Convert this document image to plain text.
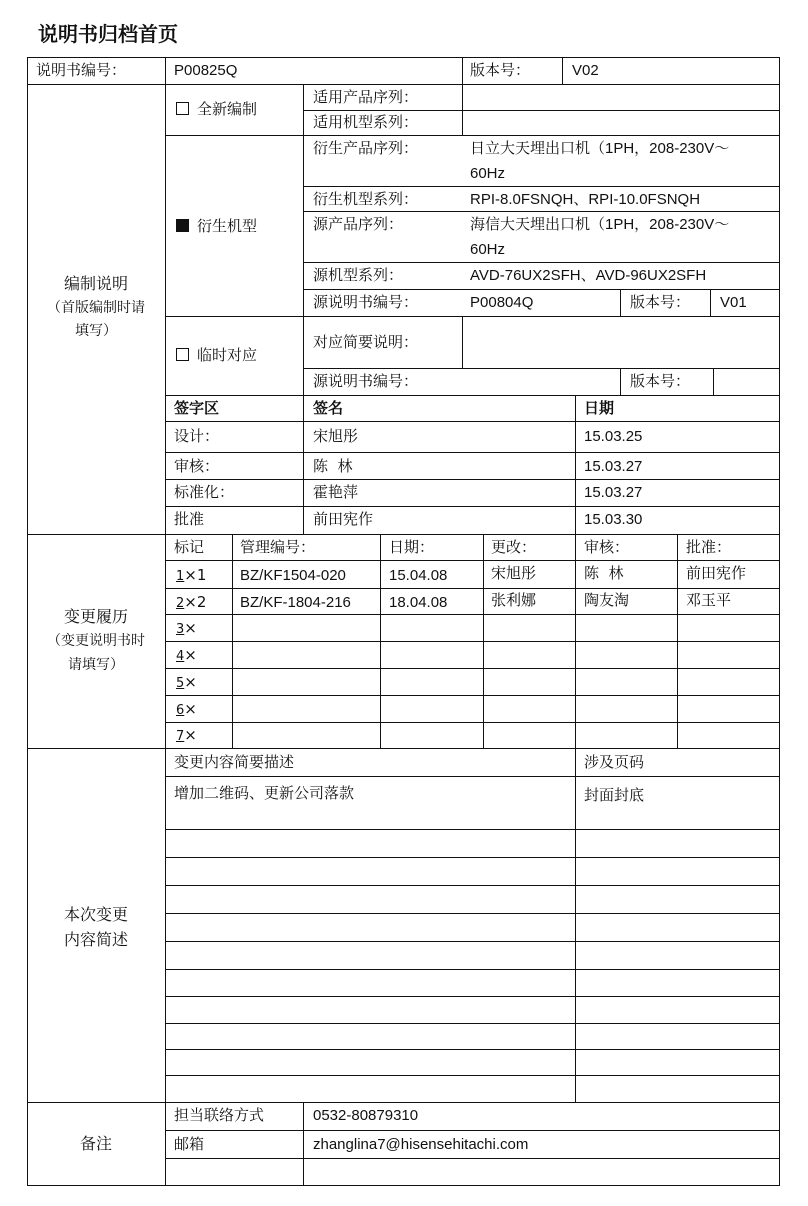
说明书归档首页
说明书编号：	P00825Q	版本号：	V02
编制说明
（首版编制时请
填写）
全新编制
适用产品序列：
适用机型系列：
衍生机型
衍生产品序列：	日立大天埋出口机（1PH，208-230V～
60Hz
衍生机型系列：	RPI-8.0FSNQH、RPI-10.0FSNQH
源产品序列：	海信大天埋出口机（1PH，208-230V～
60Hz
源机型系列：	AVD-76UX2SFH、AVD-96UX2SFH
源说明书编号：	P00804Q	版本号： V01
临时对应
对应简要说明：
源说明书编号：	版本号：
签字区	签名	日期
设计：	宋旭彤	15.03.25
审核：	陈  林	15.03.27
标准化：	霍艳萍	15.03.27
批准	前田宪作	15.03.30
变更履历
（变更说明书时
请填写）
标记 管理编号：	日期：	更改：	审核：	批准：
1×1 BZ/KF1504-020	15.04.08	宋旭彤	陈  林	前田宪作
2×2 BZ/KF-1804-216	18.04.08	张利娜	陶友淘	邓玉平
3×
4×
5×
6×
7×
本次变更
内容简述
变更内容简要描述	涉及页码
增加二维码、更新公司落款	封面封底
备注
担当联络方式	0532-80879310
邮箱	zhanglina7@hisensehitachi.com
